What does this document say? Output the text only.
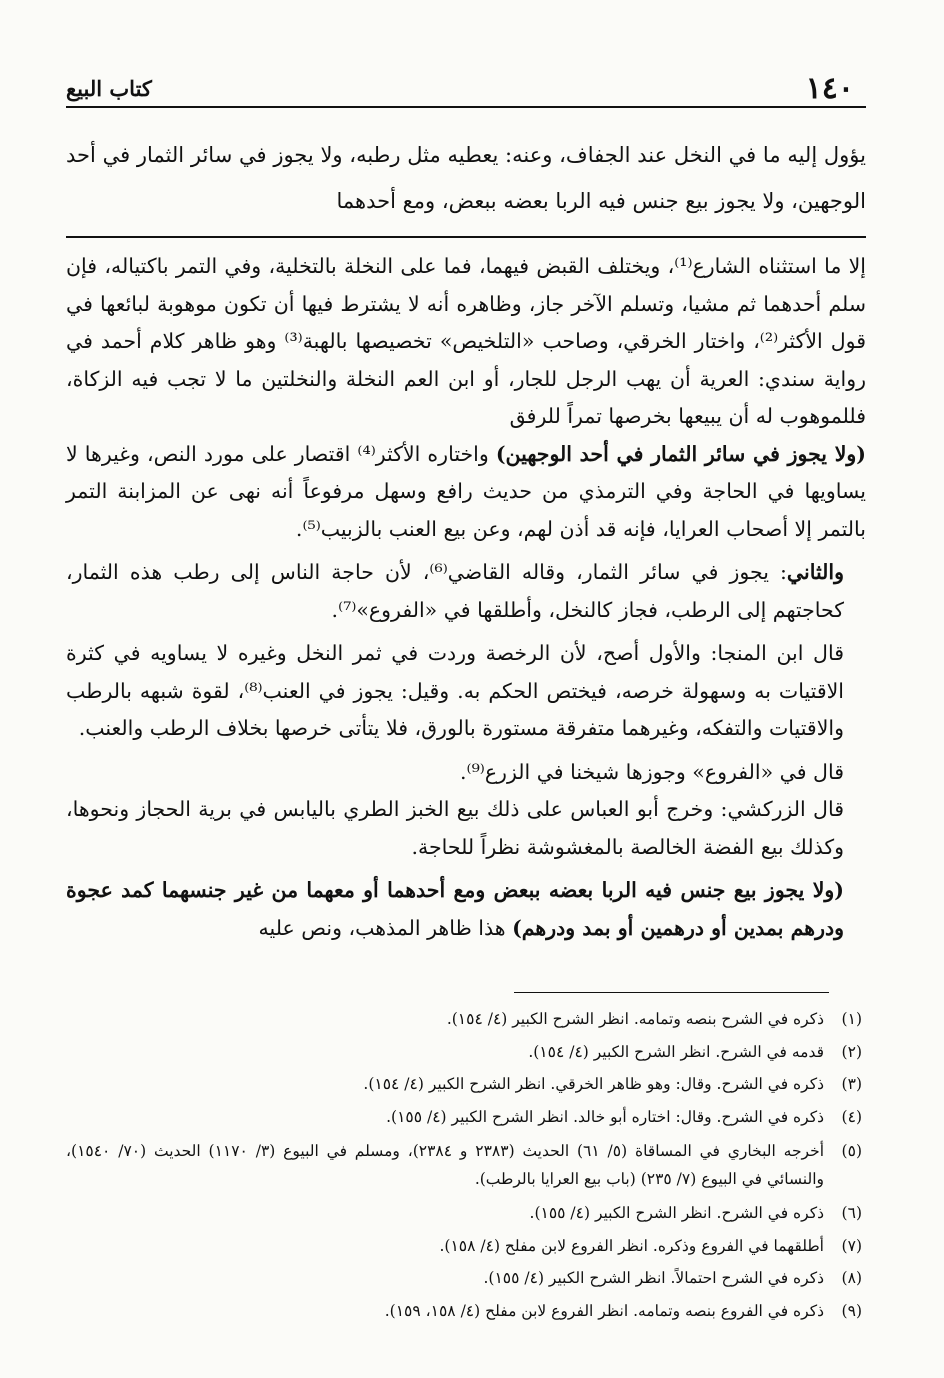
١٤٠
كتاب البيع
يؤول إليه ما في النخل عند الجفاف، وعنه: يعطيه مثل رطبه، ولا يجوز في سائر الثمار في أحد الوجهين، ولا يجوز بيع جنس فيه الربا بعضه ببعض، ومع أحدهما

إلا ما استثناه الشارع⁽¹⁾، ويختلف القبض فيهما، فما على النخلة بالتخلية، وفي التمر باكتياله، فإن سلم أحدهما ثم مشيا، وتسلم الآخر جاز، وظاهره أنه لا يشترط فيها أن تكون موهوبة لبائعها في قول الأكثر⁽²⁾، واختار الخرقي، وصاحب «التلخيص» تخصيصها بالهبة⁽³⁾ وهو ظاهر كلام أحمد في رواية سندي: العرية أن يهب الرجل للجار، أو ابن العم النخلة والنخلتين ما لا تجب فيه الزكاة، فللموهوب له أن يبيعها بخرصها تمراً للرفق

(ولا يجوز في سائر الثمار في أحد الوجهين) واختاره الأكثر⁽⁴⁾ اقتصار على مورد النص، وغيرها لا يساويها في الحاجة وفي الترمذي من حديث رافع وسهل مرفوعاً أنه نهى عن المزابنة التمر بالتمر إلا أصحاب العرايا، فإنه قد أذن لهم، وعن بيع العنب بالزبيب⁽⁵⁾.

والثاني: يجوز في سائر الثمار، وقاله القاضي⁽⁶⁾، لأن حاجة الناس إلى رطب هذه الثمار، كحاجتهم إلى الرطب، فجاز كالنخل، وأطلقها في «الفروع»⁽⁷⁾.

قال ابن المنجا: والأول أصح، لأن الرخصة وردت في ثمر النخل وغيره لا يساويه في كثرة الاقتيات به وسهولة خرصه، فيختص الحكم به. وقيل: يجوز في العنب⁽⁸⁾، لقوة شبهه بالرطب والاقتيات والتفكه، وغيرهما متفرقة مستورة بالورق، فلا يتأتى خرصها بخلاف الرطب والعنب.

قال في «الفروع» وجوزها شيخنا في الزرع⁽⁹⁾.

قال الزركشي: وخرج أبو العباس على ذلك بيع الخبز الطري باليابس في برية الحجاز ونحوها، وكذلك بيع الفضة الخالصة بالمغشوشة نظراً للحاجة.

(ولا يجوز بيع جنس فيه الربا بعضه ببعض ومع أحدهما أو معهما من غير جنسهما كمد عجوة ودرهم بمدين أو درهمين أو بمد ودرهم) هذا ظاهر المذهب، ونص عليه

(١)
ذكره في الشرح بنصه وتمامه. انظر الشرح الكبير (٤/ ١٥٤).

(٢)
قدمه في الشرح. انظر الشرح الكبير (٤/ ١٥٤).

(٣)
ذكره في الشرح. وقال: وهو ظاهر الخرقي. انظر الشرح الكبير (٤/ ١٥٤).

(٤)
ذكره في الشرح. وقال: اختاره أبو خالد. انظر الشرح الكبير (٤/ ١٥٥).

(٥)
أخرجه البخاري في المساقاة (٥/ ٦١) الحديث (٢٣٨٣ و ٢٣٨٤)، ومسلم في البيوع (٣/ ١١٧٠) الحديث (٧٠/ ١٥٤٠)، والنسائي في البيوع (٧/ ٢٣٥) (باب بيع العرايا بالرطب).

(٦)
ذكره في الشرح. انظر الشرح الكبير (٤/ ١٥٥).

(٧)
أطلقهما في الفروع وذكره. انظر الفروع لابن مفلح (٤/ ١٥٨).

(٨)
ذكره في الشرح احتمالاً. انظر الشرح الكبير (٤/ ١٥٥).

(٩)
ذكره في الفروع بنصه وتمامه. انظر الفروع لابن مفلح (٤/ ١٥٨، ١٥٩).
